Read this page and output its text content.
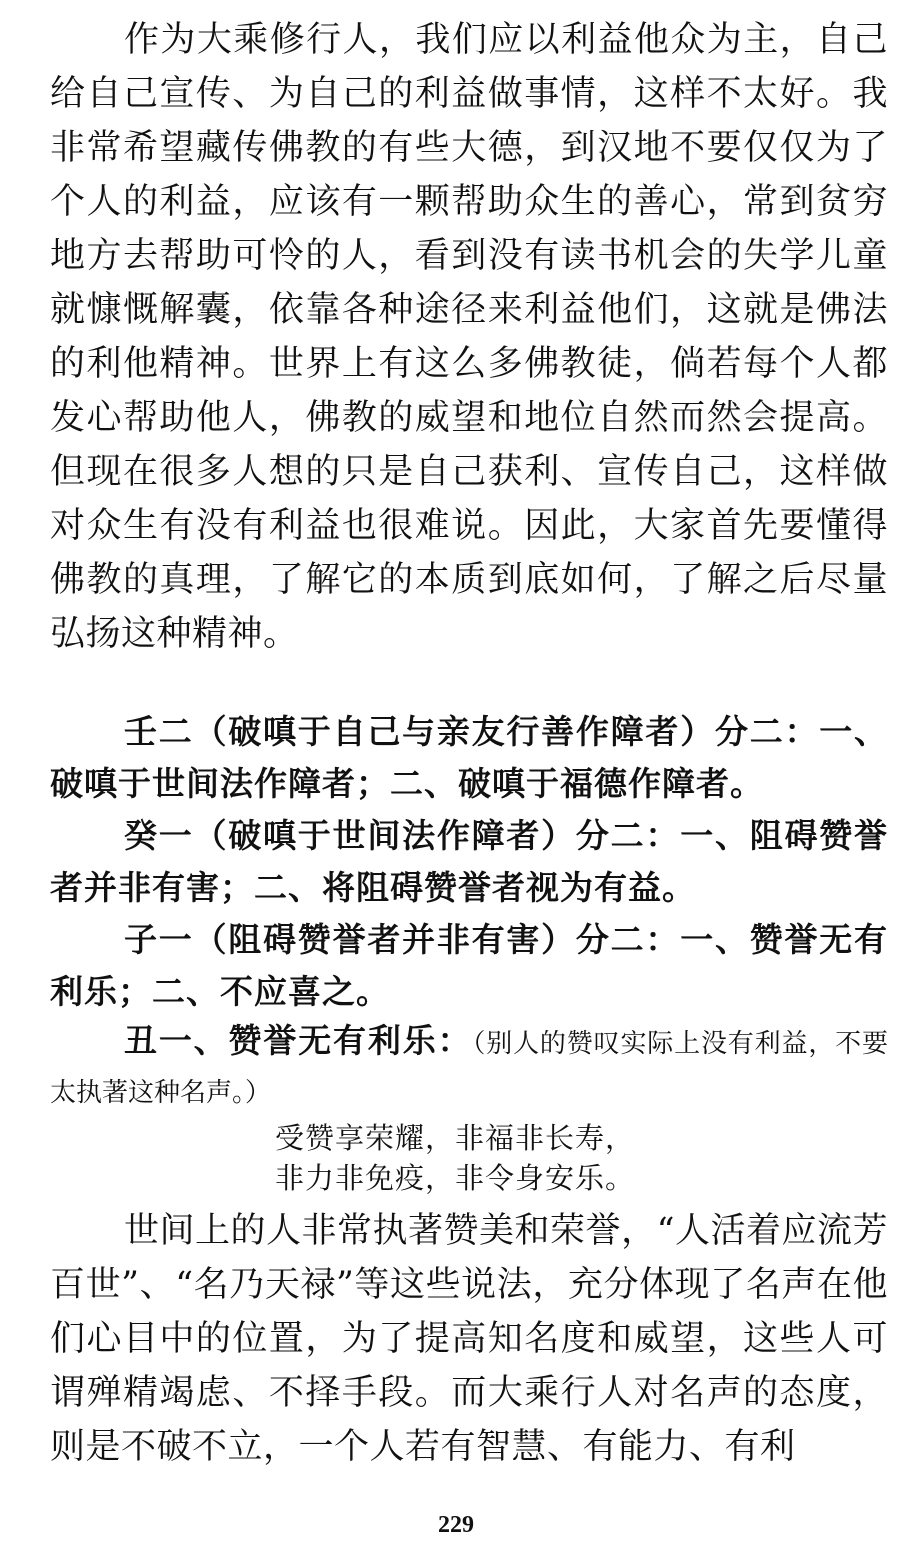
作为大乘修行人，我们应以利益他众为主，自己给自己宣传、为自己的利益做事情，这样不太好。我非常希望藏传佛教的有些大德，到汉地不要仅仅为了个人的利益，应该有一颗帮助众生的善心，常到贫穷地方去帮助可怜的人，看到没有读书机会的失学儿童就慷慨解囊，依靠各种途径来利益他们，这就是佛法的利他精神。世界上有这么多佛教徒，倘若每个人都发心帮助他人，佛教的威望和地位自然而然会提高。但现在很多人想的只是自己获利、宣传自己，这样做对众生有没有利益也很难说。因此，大家首先要懂得佛教的真理，了解它的本质到底如何，了解之后尽量弘扬这种精神。

壬二（破嗔于自己与亲友行善作障者）分二：一、破嗔于世间法作障者；二、破嗔于福德作障者。

癸一（破嗔于世间法作障者）分二：一、阻碍赞誉者并非有害；二、将阻碍赞誉者视为有益。

子一（阻碍赞誉者并非有害）分二：一、赞誉无有利乐；二、不应喜之。

丑一、赞誉无有利乐：（别人的赞叹实际上没有利益，不要太执著这种名声。）

受赞享荣耀，非福非长寿，
非力非免疫，非令身安乐。

世间上的人非常执著赞美和荣誉，“人活着应流芳百世”、“名乃天禄”等这些说法，充分体现了名声在他们心目中的位置，为了提高知名度和威望，这些人可谓殚精竭虑、不择手段。而大乘行人对名声的态度，则是不破不立，一个人若有智慧、有能力、有利

229
